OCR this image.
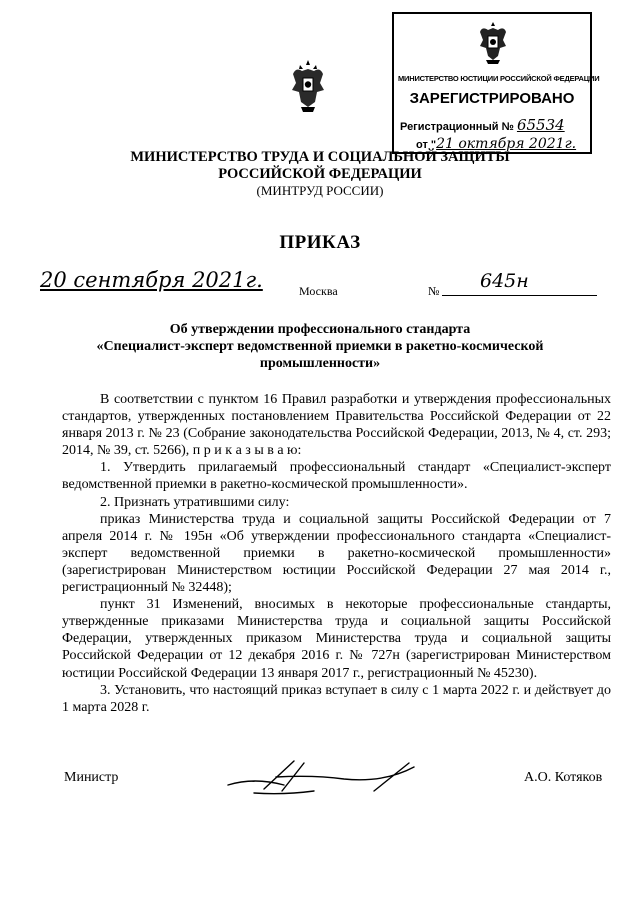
МИНИСТЕРСТВО ЮСТИЦИИ РОССИЙСКОЙ ФЕДЕРАЦИИ
ЗАРЕГИСТРИРОВАНО
Регистрационный № 65534
от "21 октября 2021г.
МИНИСТЕРСТВО ТРУДА И СОЦИАЛЬНОЙ ЗАЩИТЫ
РОССИЙСКОЙ ФЕДЕРАЦИИ
(МИНТРУД РОССИИ)
ПРИКАЗ
20 сентября 2021г.	Москва	№ 645н
Об утверждении профессионального стандарта
«Специалист-эксперт ведомственной приемки в ракетно-космической
промышленности»

В соответствии с пунктом 16 Правил разработки и утверждения профессиональных стандартов, утвержденных постановлением Правительства Российской Федерации от 22 января 2013 г. № 23 (Собрание законодательства Российской Федерации, 2013, № 4, ст. 293; 2014, № 39, ст. 5266), п р и к а з ы в а ю:

1. Утвердить прилагаемый профессиональный стандарт «Специалист-эксперт ведомственной приемки в ракетно-космической промышленности».

2. Признать утратившими силу:

приказ Министерства труда и социальной защиты Российской Федерации от 7 апреля 2014 г. № 195н «Об утверждении профессионального стандарта «Специалист-эксперт ведомственной приемки в ракетно-космической промышленности» (зарегистрирован Министерством юстиции Российской Федерации 27 мая 2014 г., регистрационный № 32448);

пункт 31 Изменений, вносимых в некоторые профессиональные стандарты, утвержденные приказами Министерства труда и социальной защиты Российской Федерации, утвержденных приказом Министерства труда и социальной защиты Российской Федерации от 12 декабря 2016 г. № 727н (зарегистрирован Министерством юстиции Российской Федерации 13 января 2017 г., регистрационный № 45230).

3. Установить, что настоящий приказ вступает в силу с 1 марта 2022 г. и действует до 1 марта 2028 г.

Министр	А.О. Котяков
